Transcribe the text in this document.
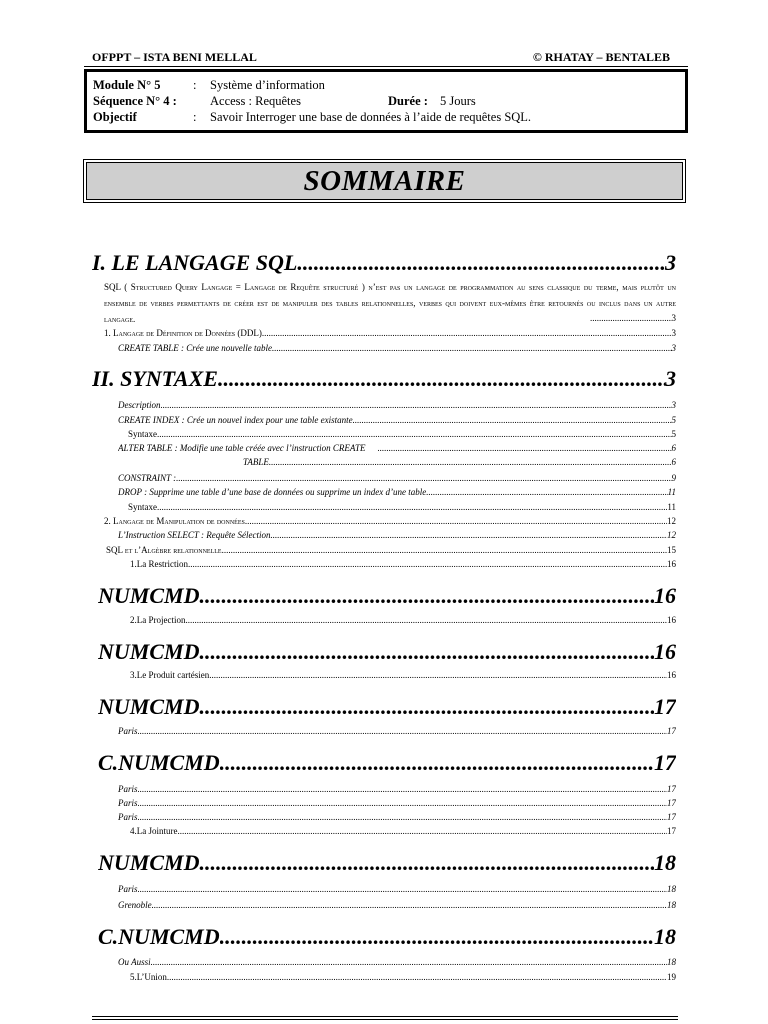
OFPPT – ISTA BENI MELLAL	© RHATAY – BENTALEB
Module N° 5	: Système d’information
Séquence N° 4 :	Access : Requêtes	Durée : 5 Jours
Objectif	: Savoir Interroger une base de données à l’aide de requêtes SQL.
SOMMAIRE
I. LE LANGAGE SQL .....	3
SQL ( Structured Query Langage = Langage de Requête structuré ) n’est pas un langage de programmation au sens classique du terme, mais plutôt un ensemble de verbes permettants de créer est de manipuler des tables relationnelles, verbes qui doivent eux-mêmes être retournés ou inclus dans un autre langage. .....	3
1. Langage de Définition de Données (DDL) .....	3
CREATE TABLE : Crée une nouvelle table .....	3
II. SYNTAXE .....	3
Description .....	3
CREATE INDEX : Crée un nouvel index pour une table existante .....	5
Syntaxe .....	5
ALTER TABLE : Modifie une table créée avec l’instruction CREATE .....	6
TABLE .....	6
CONSTRAINT : .....	9
DROP : Supprime une table d’une base de données ou supprime un index d’une table .....	11
Syntaxe .....	11
2. Langage de Manipulation de données .....	12
L’Instruction SELECT : Requête Sélection .....	12
SQL et l’Algèbre relationnelle .....	15
1.La Restriction .....	16
NUMCMD .....	16
2.La Projection .....	16
NUMCMD .....	16
3.Le Produit cartésien .....	16
NUMCMD .....	17
Paris .....	17
C.NUMCMD .....	17
Paris .....	17
Paris .....	17
Paris .....	17
4.La Jointure .....	17
NUMCMD .....	18
Paris .....	18
Grenoble .....	18
C.NUMCMD .....	18
Ou Aussi .....	18
5.L’Union .....	19
